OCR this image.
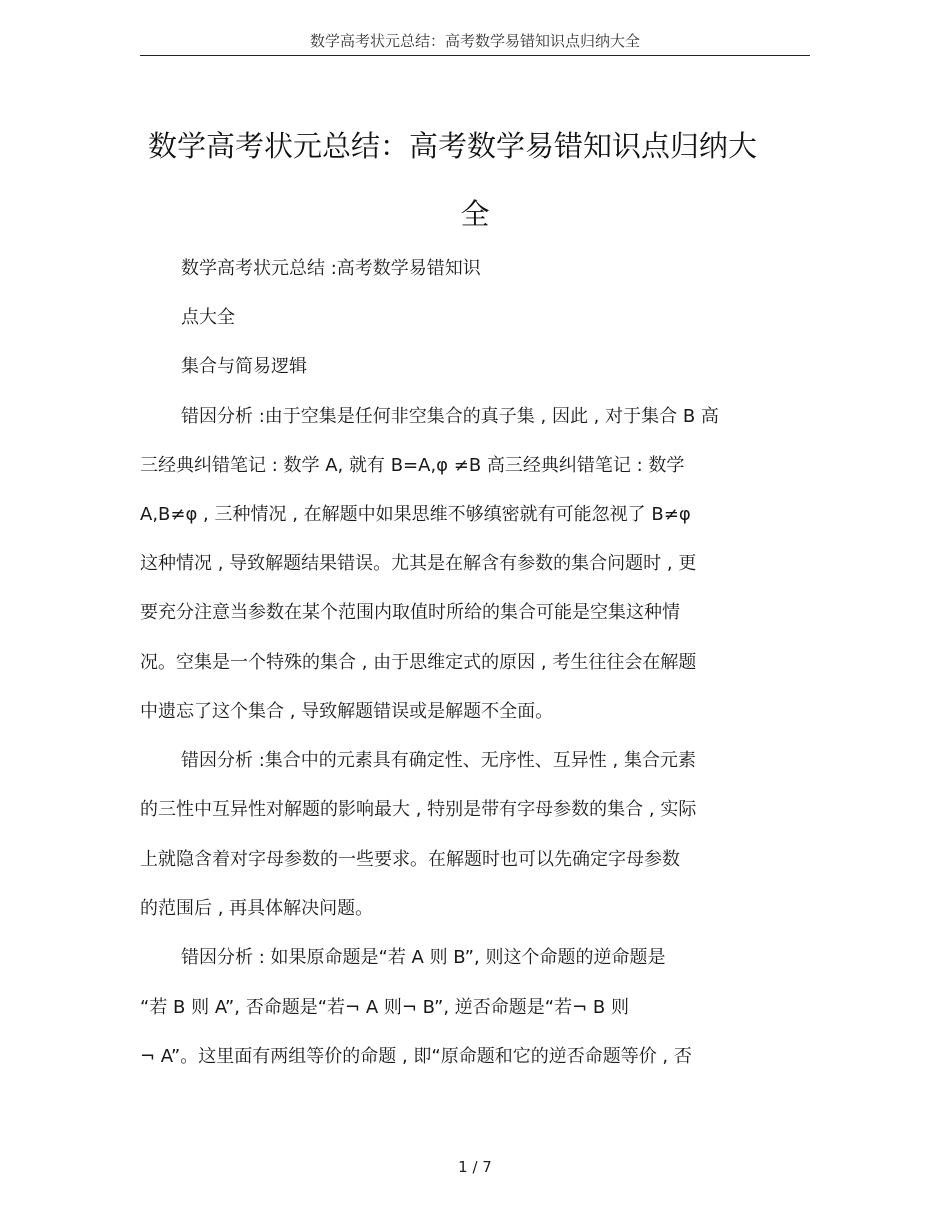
数学高考状元总结：高考数学易错知识点归纳大全
数学高考状元总结：高考数学易错知识点归纳大
全
数学高考状元总结 :高考数学易错知识
点大全
集合与简易逻辑
错因分析 :由于空集是任何非空集合的真子集 , 因此 , 对于集合 B 高
三经典纠错笔记 : 数学 A, 就有 B=A,φ ≠B 高三经典纠错笔记 : 数学
A,B≠φ , 三种情况 , 在解题中如果思维不够缜密就有可能忽视了 B≠φ
这种情况 , 导致解题结果错误。尤其是在解含有参数的集合问题时 , 更
要充分注意当参数在某个范围内取值时所给的集合可能是空集这种情
况。空集是一个特殊的集合 , 由于思维定式的原因 , 考生往往会在解题
中遗忘了这个集合 , 导致解题错误或是解题不全面。
错因分析 :集合中的元素具有确定性、无序性、互异性 , 集合元素
的三性中互异性对解题的影响最大 , 特别是带有字母参数的集合 , 实际
上就隐含着对字母参数的一些要求。在解题时也可以先确定字母参数
的范围后 , 再具体解决问题。
错因分析 : 如果原命题是“若 A 则 B”, 则这个命题的逆命题是
“若 B 则 A”, 否命题是“若¬ A 则¬ B”, 逆否命题是“若¬ B 则
¬ A”。这里面有两组等价的命题 , 即“原命题和它的逆否命题等价 , 否
1 / 7
